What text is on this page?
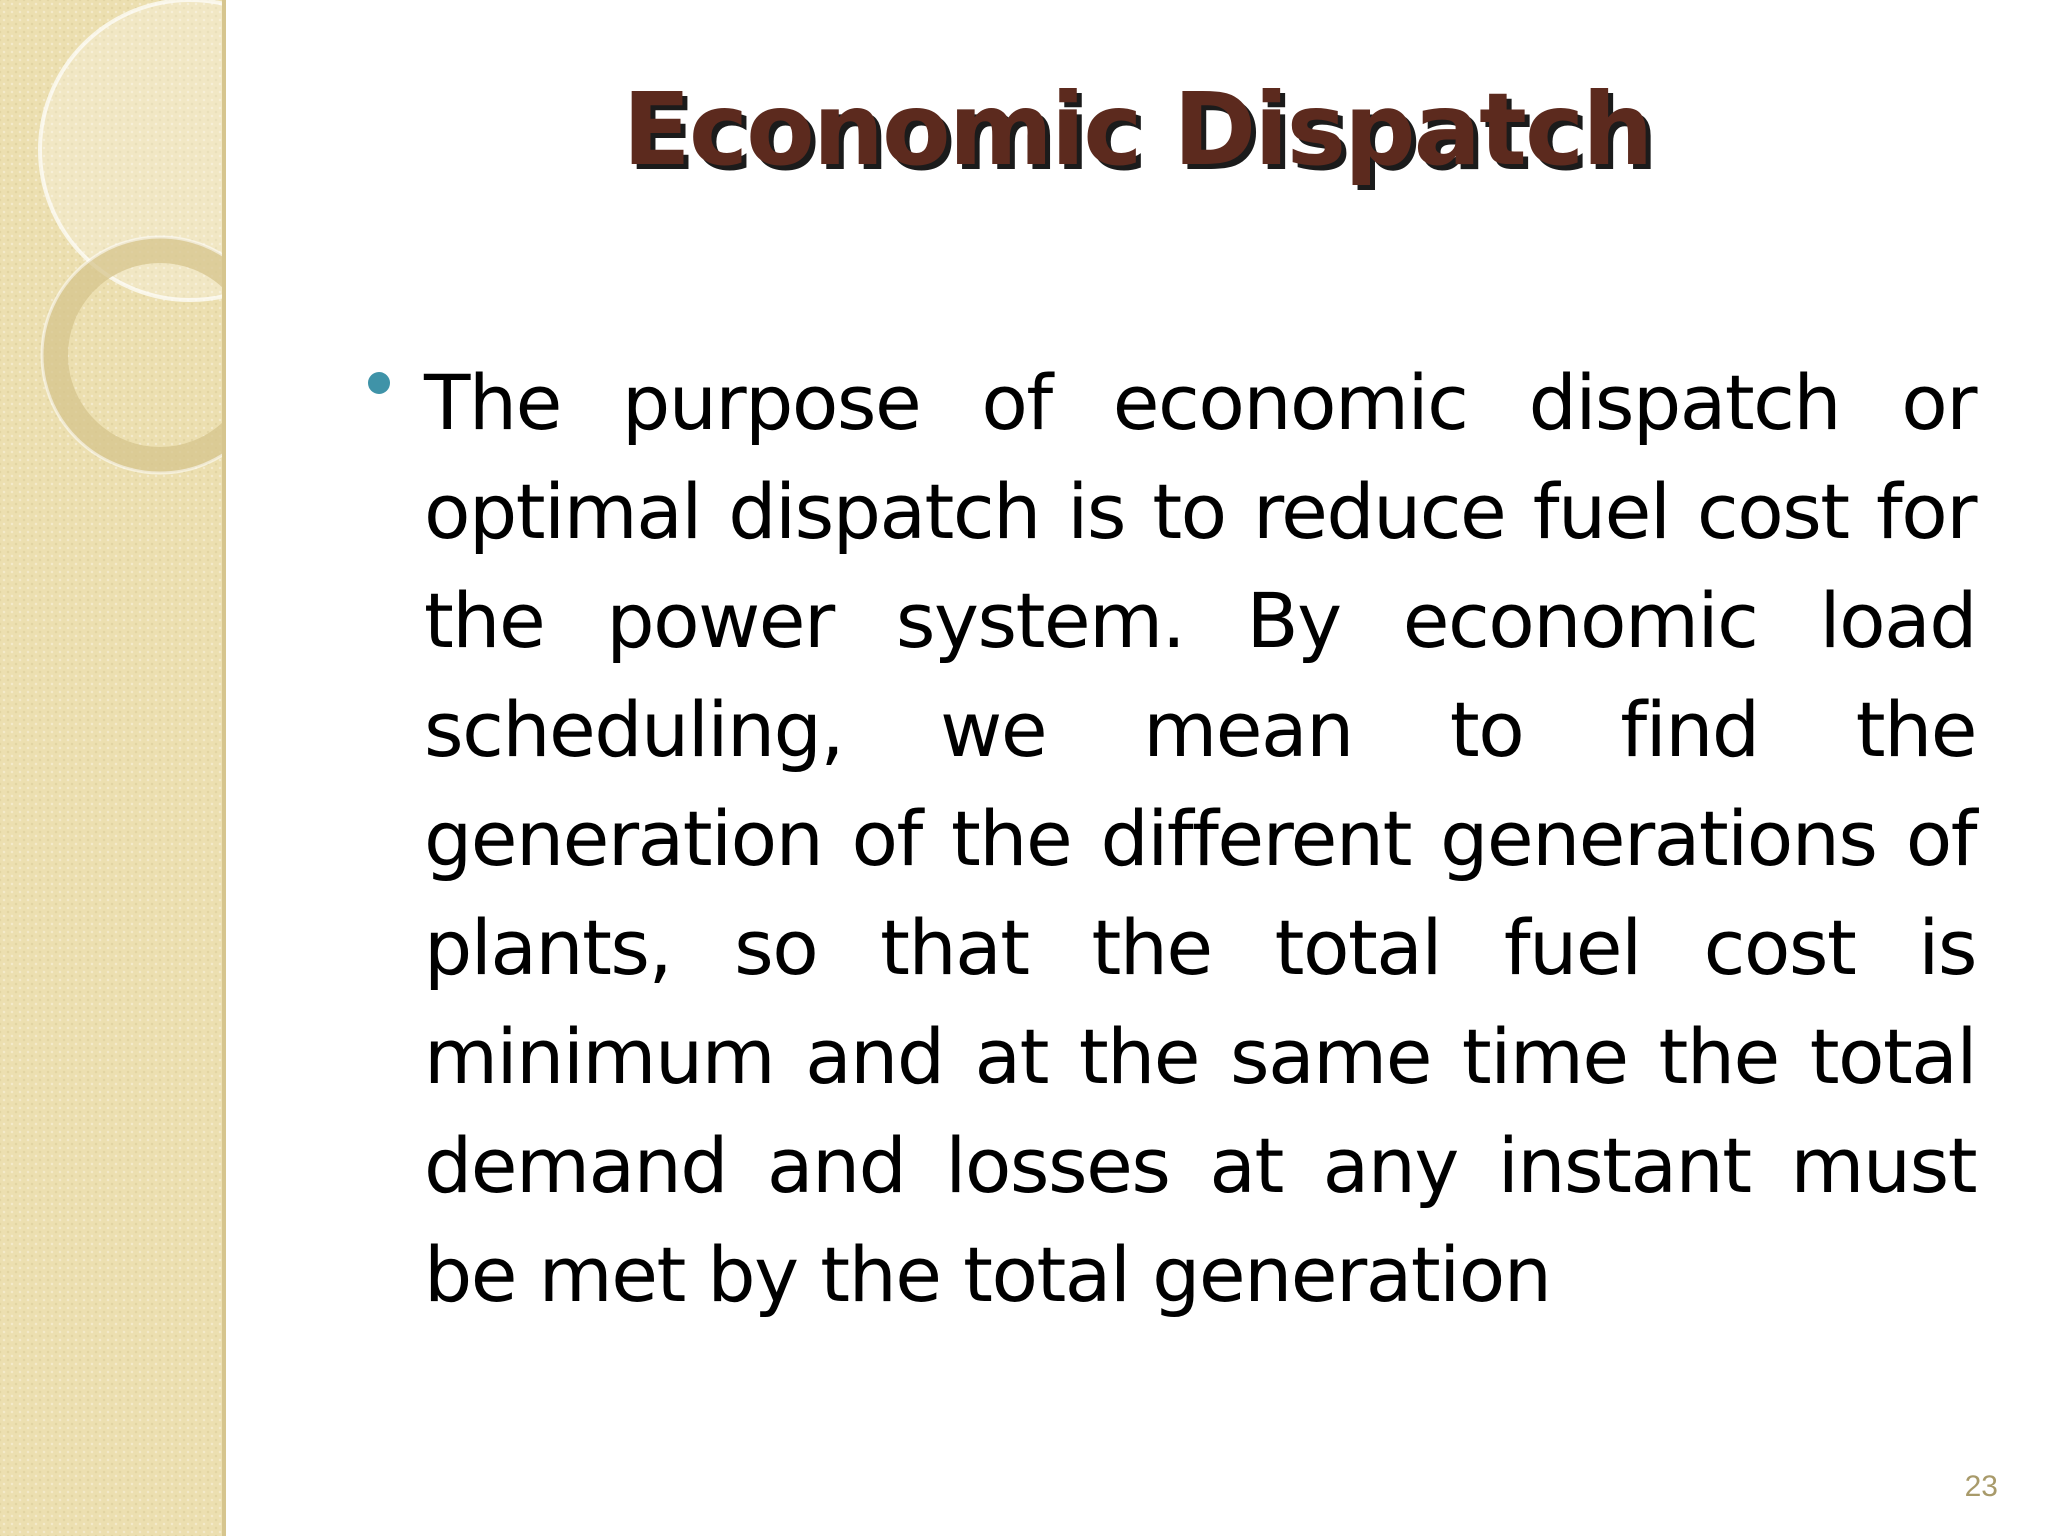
Economic Dispatch

The purpose of economic dispatch or optimal dispatch is to reduce fuel cost for the power system. By economic load scheduling, we mean to find the generation of the different generations of plants, so that the total fuel cost is minimum and at the same time the total demand and losses at any instant must be met by the total generation

23
